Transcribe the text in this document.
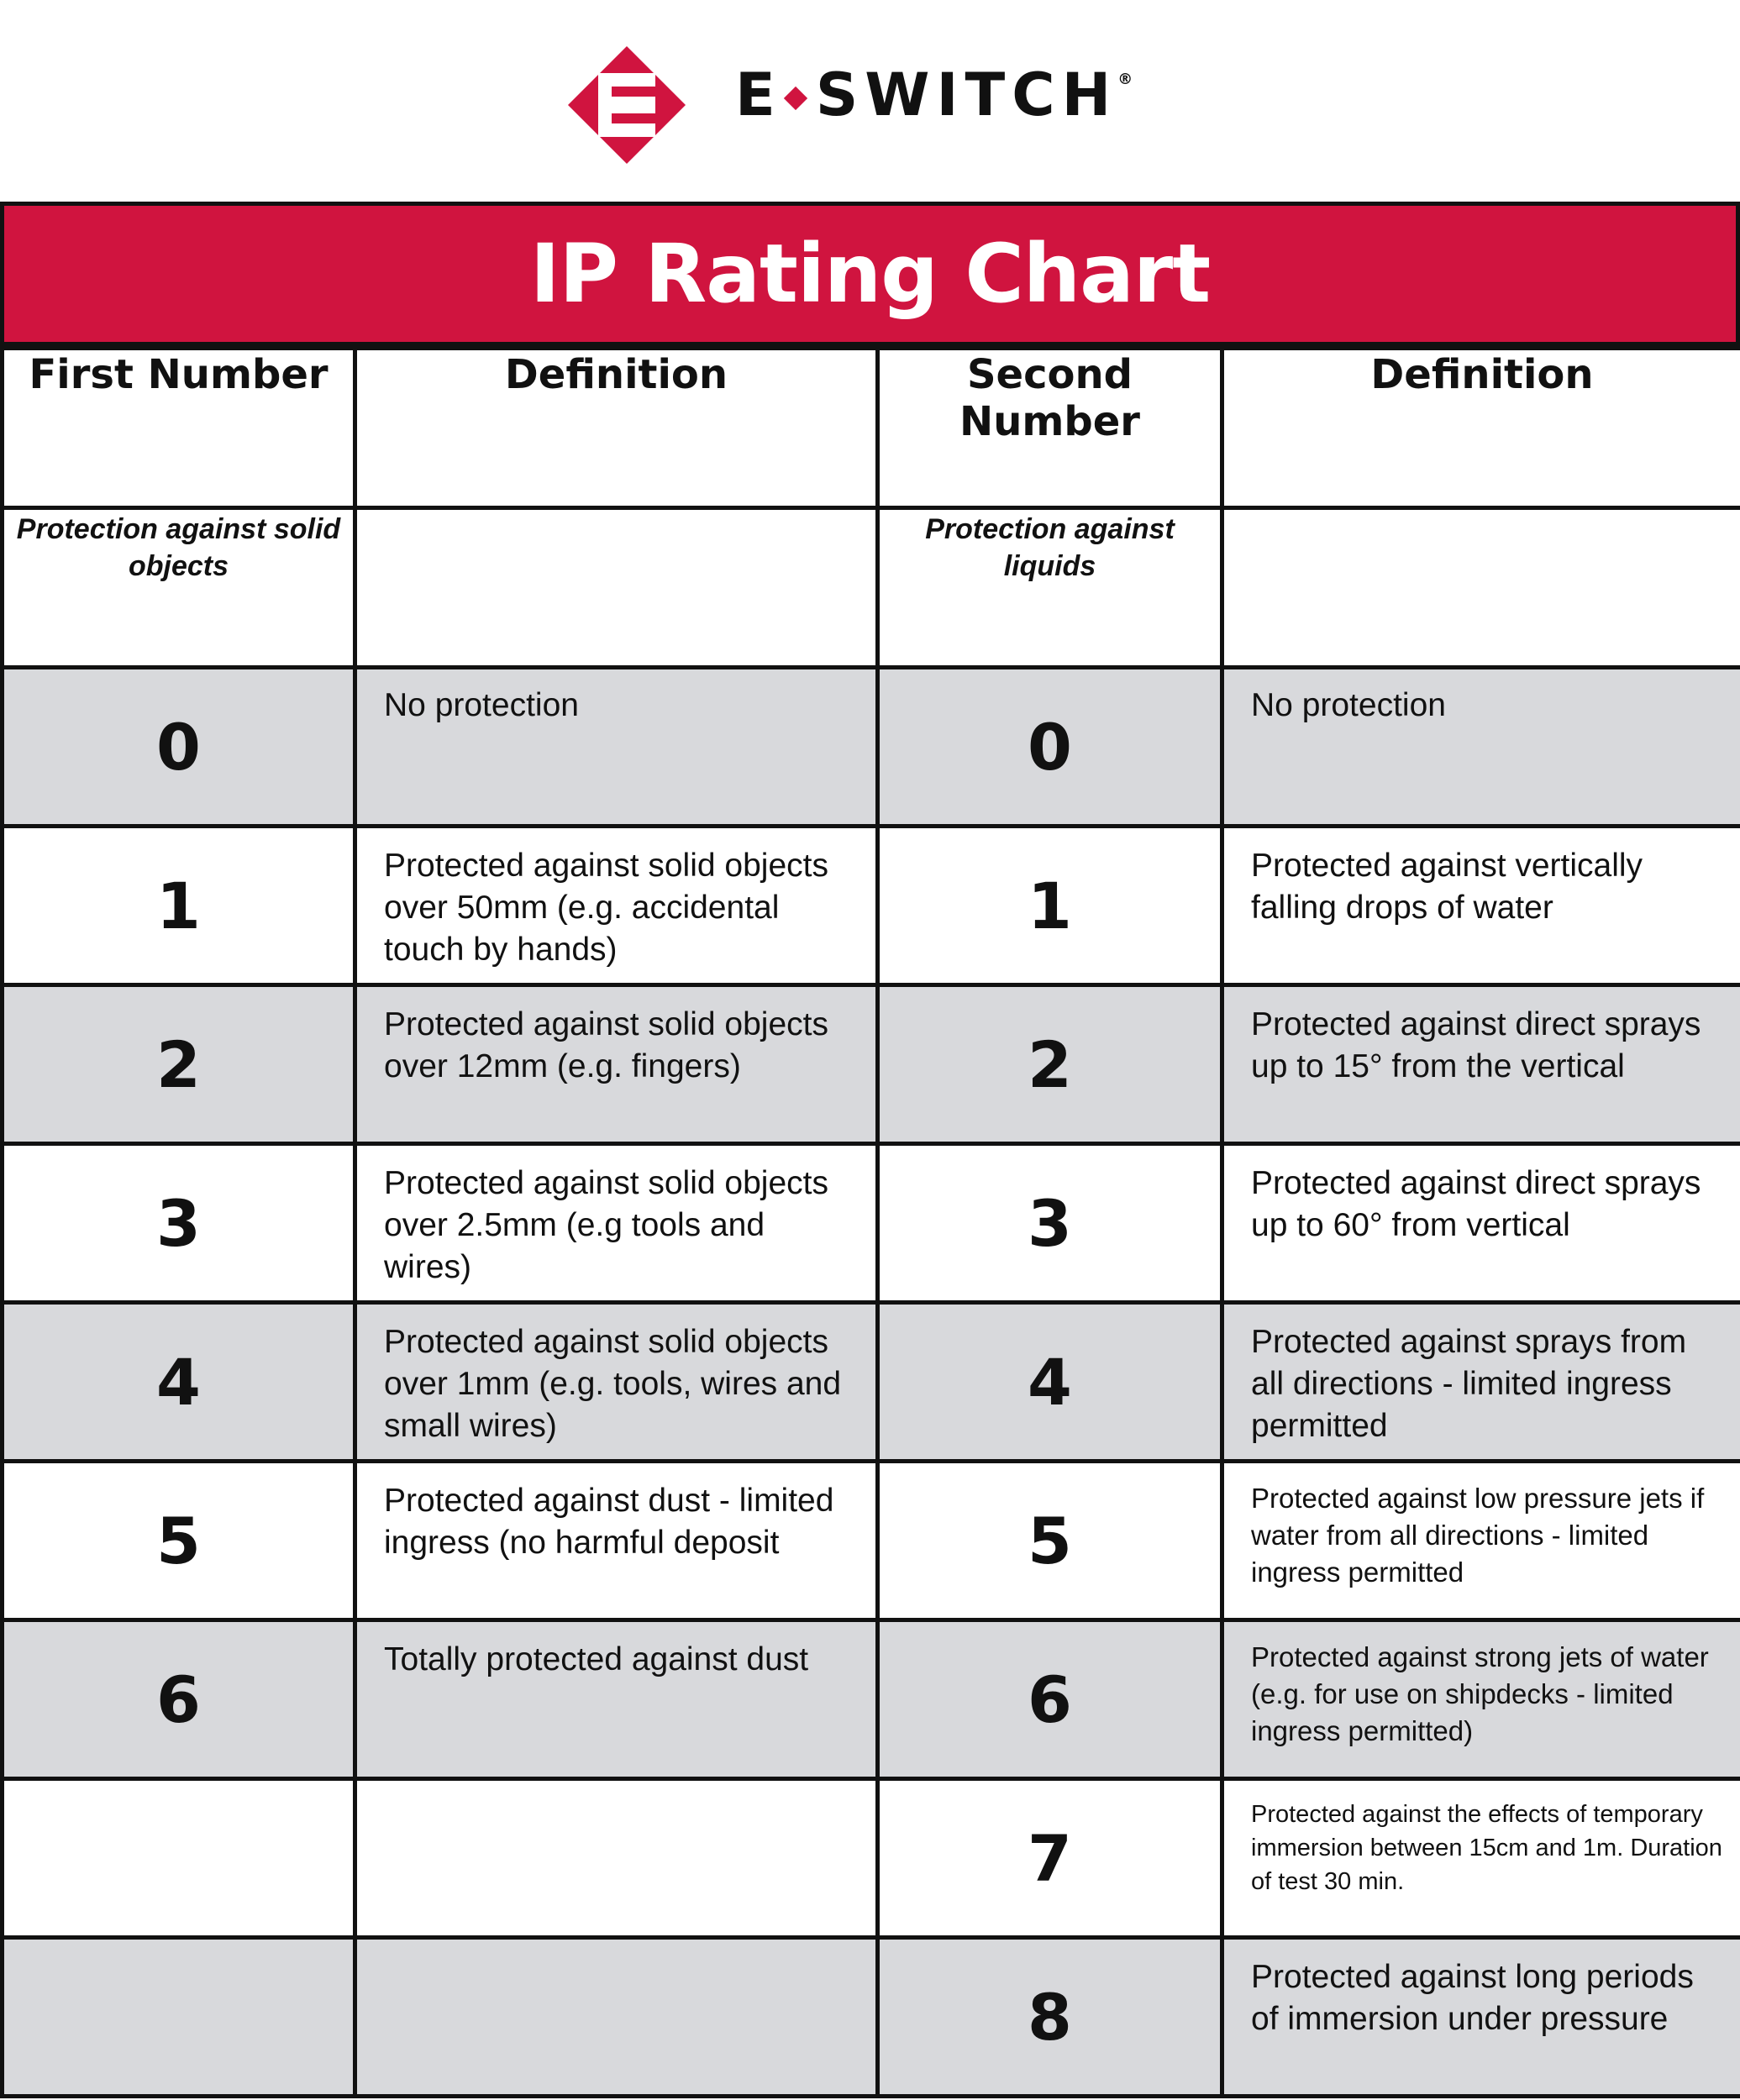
E SWITCH®
IP Rating Chart
First Number	Definition	Second Number	Definition
Protection against solid objects		Protection against liquids	
0	No protection	0	No protection
1	Protected against solid objects over 50mm (e.g. accidental touch by hands)	1	Protected against vertically falling drops of water
2	Protected against solid objects over 12mm (e.g. fingers)	2	Protected against direct sprays up to 15° from the vertical
3	Protected against solid objects over 2.5mm (e.g tools and wires)	3	Protected against direct sprays up to 60° from vertical
4	Protected against solid objects over 1mm (e.g. tools, wires and small wires)	4	Protected against sprays from all directions - limited ingress permitted
5	Protected against dust - limited ingress (no harmful deposit	5	Protected against low pressure jets if water from all directions - limited ingress permitted
6	Totally protected against dust	6	Protected against strong jets of water (e.g. for use on shipdecks - limited ingress permitted)
		7	Protected against the effects of temporary immersion between 15cm and 1m. Duration of test 30 min.
		8	Protected against long periods of immersion under pressure
